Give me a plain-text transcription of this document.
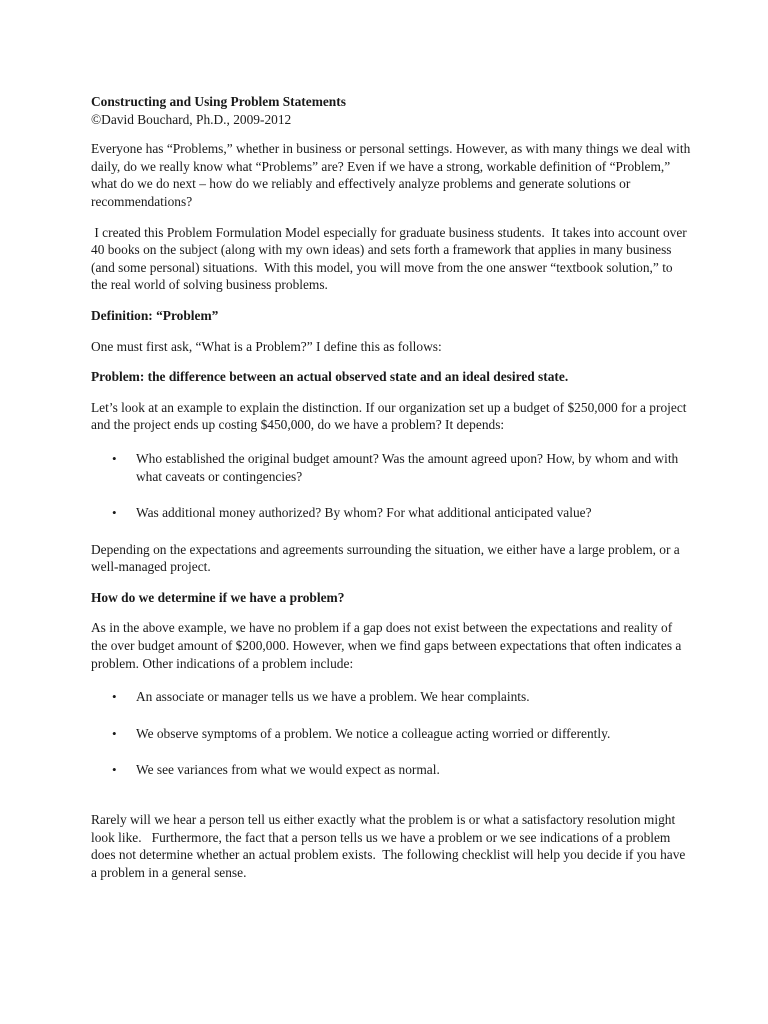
Constructing and Using Problem Statements
©David Bouchard, Ph.D., 2009-2012

Everyone has “Problems,” whether in business or personal settings. However, as with many things we deal with daily, do we really know what “Problems” are? Even if we have a strong, workable definition of “Problem,” what do we do next – how do we reliably and effectively analyze problems and generate solutions or recommendations?

I created this Problem Formulation Model especially for graduate business students.  It takes into account over 40 books on the subject (along with my own ideas) and sets forth a framework that applies in many business (and some personal) situations.  With this model, you will move from the one answer “textbook solution,” to the real world of solving business problems.

Definition: “Problem”

One must first ask, “What is a Problem?” I define this as follows:

Problem: the difference between an actual observed state and an ideal desired state.

Let’s look at an example to explain the distinction. If our organization set up a budget of $250,000 for a project and the project ends up costing $450,000, do we have a problem? It depends:

• Who established the original budget amount? Was the amount agreed upon? How, by whom and with what caveats or contingencies?
• Was additional money authorized? By whom? For what additional anticipated value?

Depending on the expectations and agreements surrounding the situation, we either have a large problem, or a well-managed project.

How do we determine if we have a problem?

As in the above example, we have no problem if a gap does not exist between the expectations and reality of the over budget amount of $200,000. However, when we find gaps between expectations that often indicates a problem. Other indications of a problem include:

• An associate or manager tells us we have a problem. We hear complaints.
• We observe symptoms of a problem. We notice a colleague acting worried or differently.
• We see variances from what we would expect as normal.

Rarely will we hear a person tell us either exactly what the problem is or what a satisfactory resolution might look like.   Furthermore, the fact that a person tells us we have a problem or we see indications of a problem does not determine whether an actual problem exists.  The following checklist will help you decide if you have a problem in a general sense.
